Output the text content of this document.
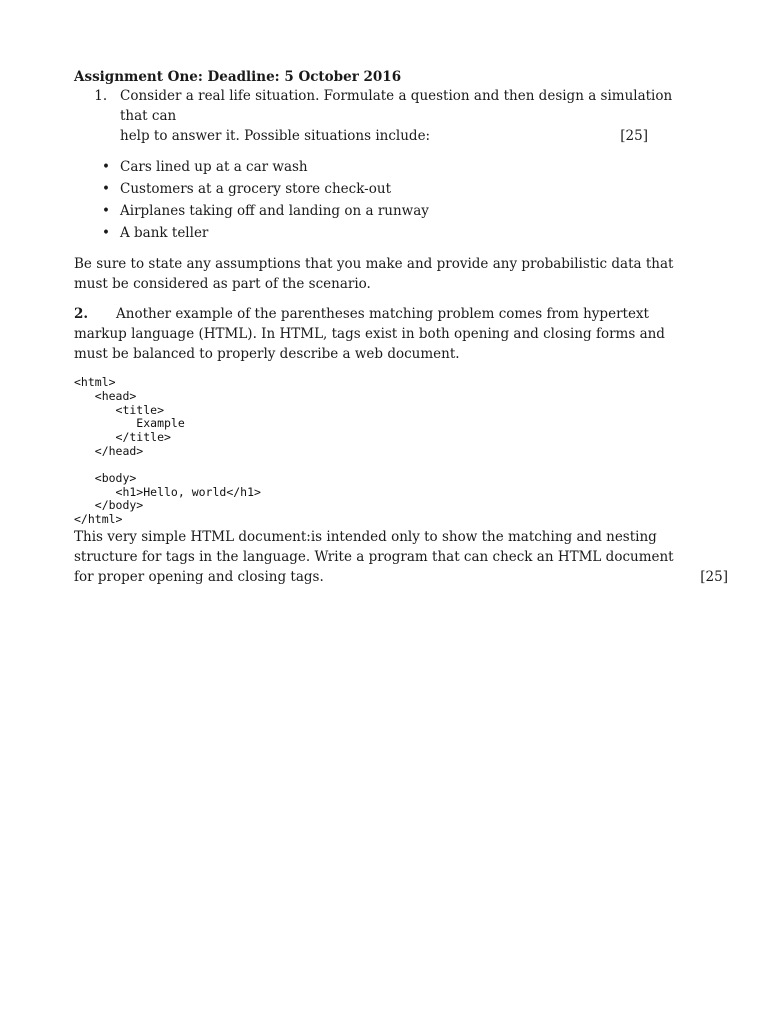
Assignment One: Deadline: 5 October 2016

1. Consider a real life situation. Formulate a question and then design a simulation that can
help to answer it. Possible situations include:	[25]
• Cars lined up at a car wash
• Customers at a grocery store check-out
• Airplanes taking off and landing on a runway
• A bank teller

Be sure to state any assumptions that you make and provide any probabilistic data that must be considered as part of the scenario.

2. Another example of the parentheses matching problem comes from hypertext markup language (HTML). In HTML, tags exist in both opening and closing forms and must be balanced to properly describe a web document.

<html>
<head>
<title>
Example
</title>
</head>
<body>
<h1>Hello, world</h1>
</body>
</html>

This very simple HTML document:is intended only to show the matching and nesting structure for tags in the language. Write a program that can check an HTML document for proper opening and closing tags.	[25]
